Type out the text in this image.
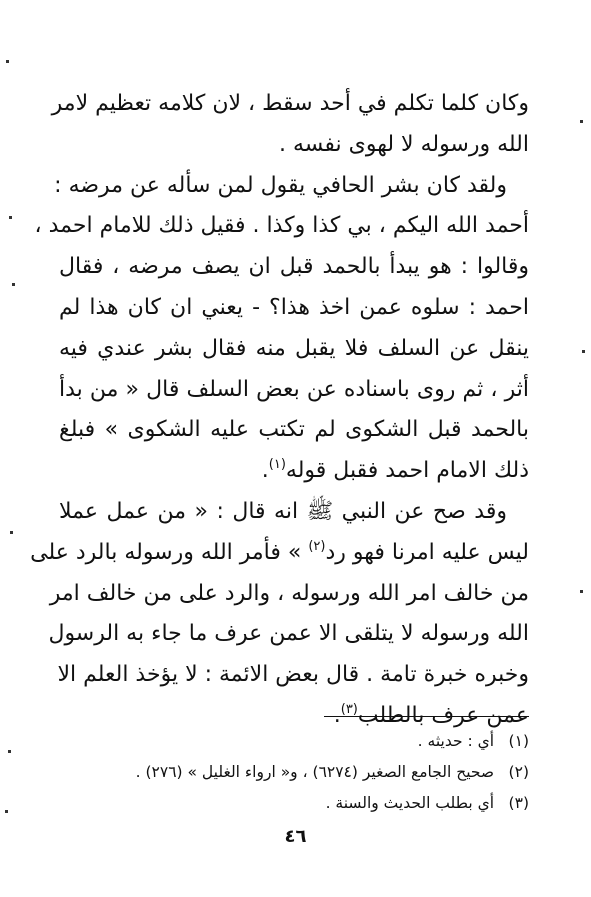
وكان كلما تكلم في أحد سقط ، لان كلامه تعظيم لامر
الله ورسوله لا لهوى نفسه .
ولقد كان بشر الحافي يقول لمن سأله عن مرضه :
أحمد الله اليكم ، بي كذا وكذا . فقيل ذلك للامام احمد ،
وقالوا : هو يبدأ بالحمد قبل ان يصف مرضه ، فقال
احمد : سلوه عمن اخذ هذا؟ - يعني ان كان هذا لم
ينقل عن السلف فلا يقبل منه فقال بشر عندي فيه
أثر ، ثم روى باسناده عن بعض السلف قال « من بدأ
بالحمد قبل الشكوى لم تكتب عليه الشكوى » فبلغ
ذلك الامام احمد فقبل قوله$^{(١)}$.
وقد صح عن النبي ﷺ انه قال : « من عمل عملا
ليس عليه امرنا فهو رد$^{(٢)}$ » فأمر الله ورسوله بالرد على
من خالف امر الله ورسوله ، والرد على من خالف امر
الله ورسوله لا يتلقى الا عمن عرف ما جاء به الرسول
وخبره خبرة تامة . قال بعض الائمة : لا يؤخذ العلم الا
عمن عرف بالطلب$^{(٣)}$.
(١) أي : حديثه .
(٢) صحيح الجامع الصغير (٦٢٧٤) ، و« ارواء الغليل » (٢٧٦) .
(٣) أي بطلب الحديث والسنة .
٤٦
